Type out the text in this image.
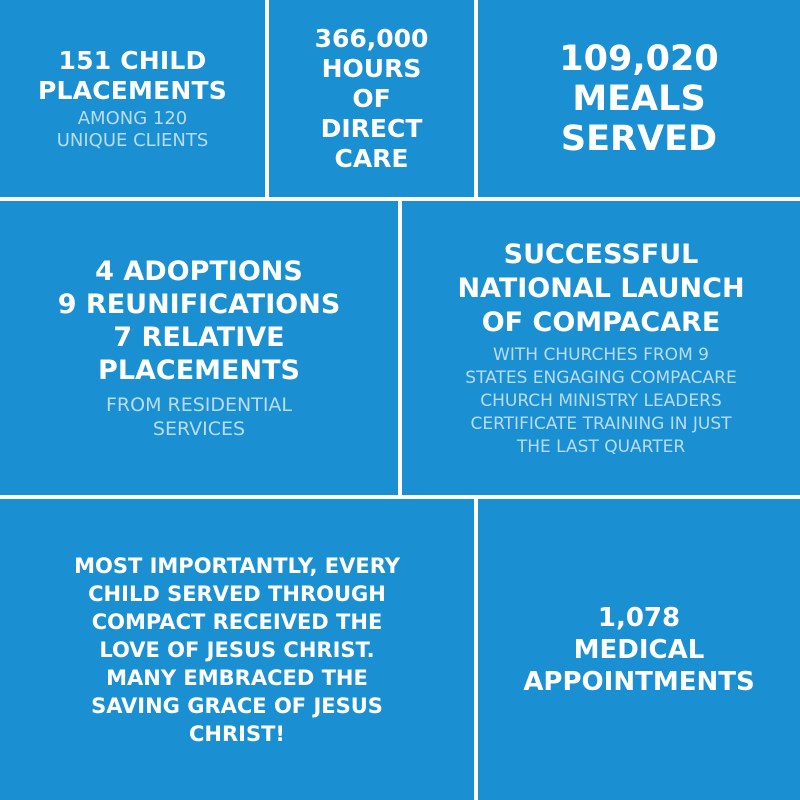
151 CHILD
PLACEMENTS
AMONG 120
UNIQUE CLIENTS
366,000
HOURS
OF
DIRECT
CARE
109,020
MEALS
SERVED
4 ADOPTIONS
9 REUNIFICATIONS
7 RELATIVE
PLACEMENTS
FROM RESIDENTIAL
SERVICES
SUCCESSFUL
NATIONAL LAUNCH
OF COMPACARE
WITH CHURCHES FROM 9
STATES ENGAGING COMPACARE
CHURCH MINISTRY LEADERS
CERTIFICATE TRAINING IN JUST
THE LAST QUARTER
MOST IMPORTANTLY, EVERY
CHILD SERVED THROUGH
COMPACT RECEIVED THE
LOVE OF JESUS CHRIST.
MANY EMBRACED THE
SAVING GRACE OF JESUS
CHRIST!
1,078
MEDICAL
APPOINTMENTS
